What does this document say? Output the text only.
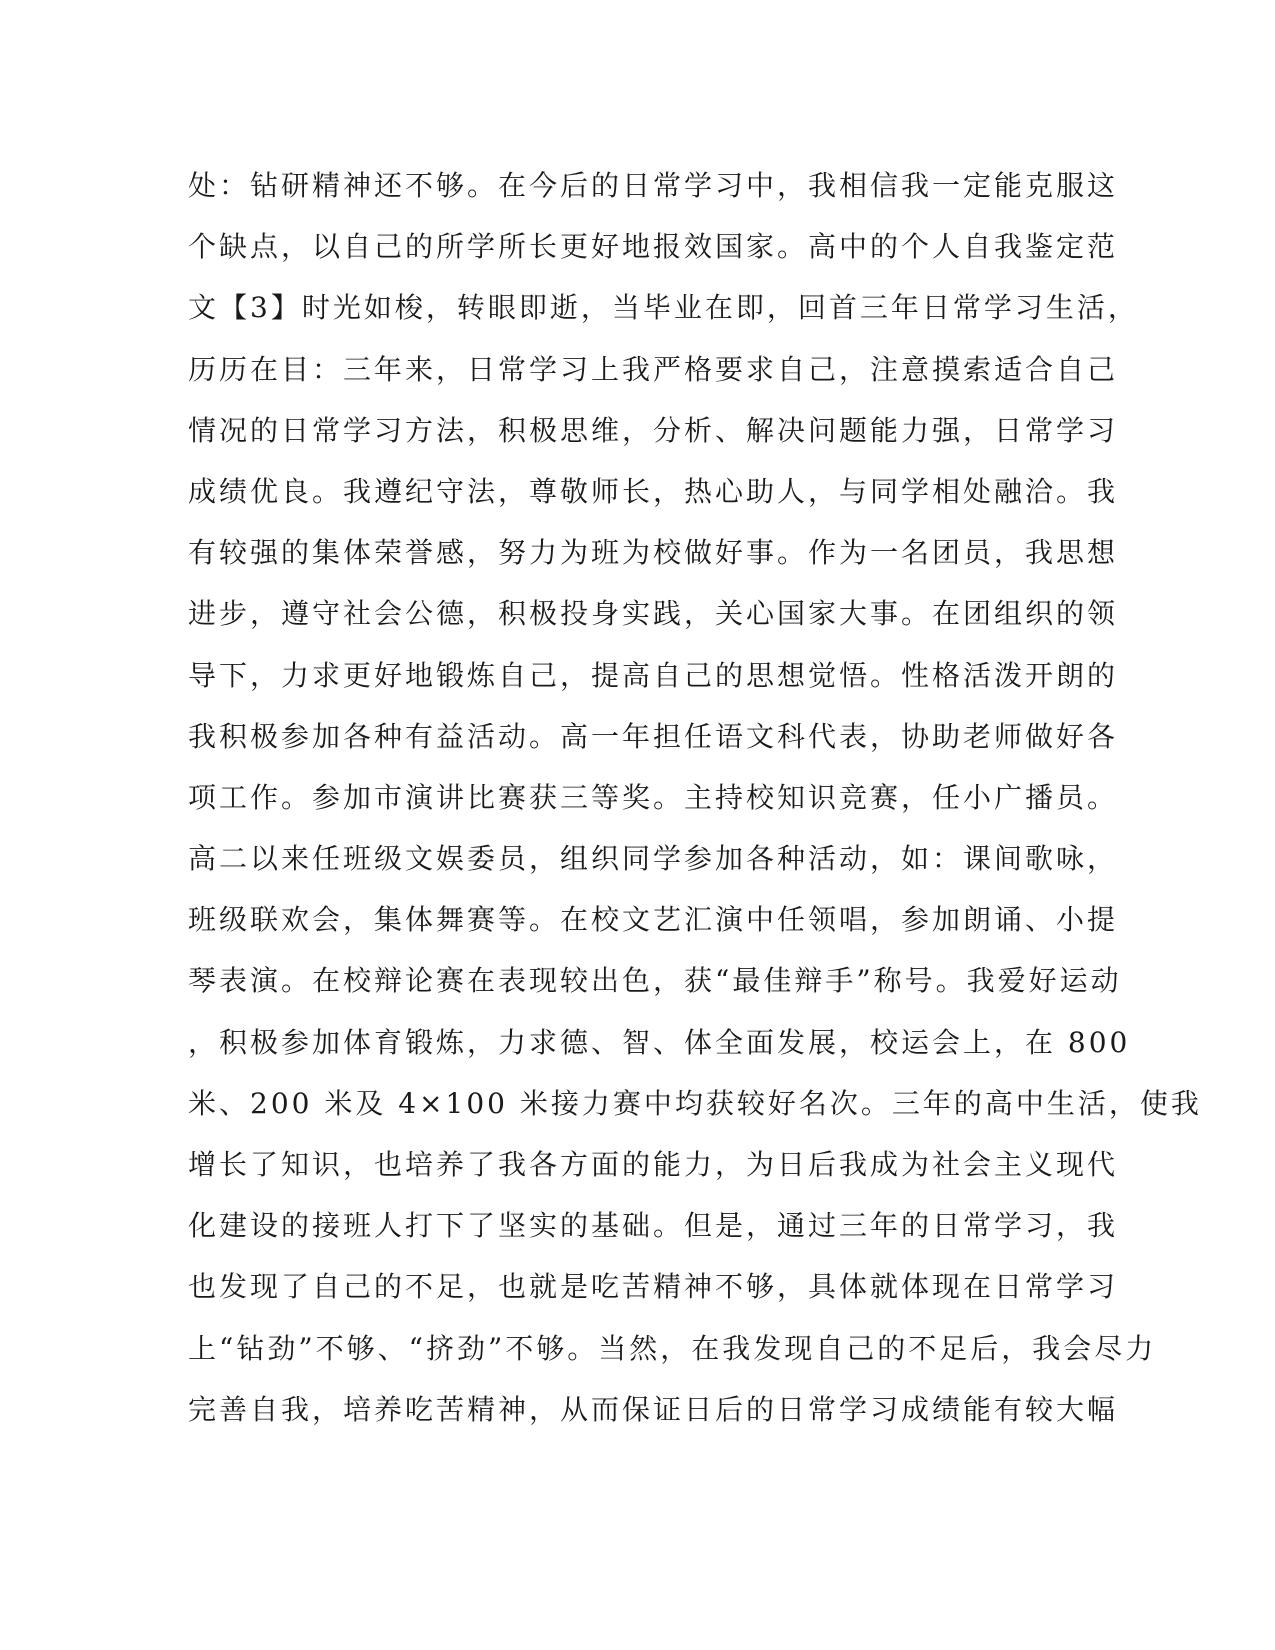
处：钻研精神还不够。在今后的日常学习中，我相信我一定能克服这
个缺点，以自己的所学所长更好地报效国家。高中的个人自我鉴定范
文【3】时光如梭，转眼即逝，当毕业在即，回首三年日常学习生活，
历历在目：三年来，日常学习上我严格要求自己，注意摸索适合自己
情况的日常学习方法，积极思维，分析、解决问题能力强，日常学习
成绩优良。我遵纪守法，尊敬师长，热心助人，与同学相处融洽。我
有较强的集体荣誉感，努力为班为校做好事。作为一名团员，我思想
进步，遵守社会公德，积极投身实践，关心国家大事。在团组织的领
导下，力求更好地锻炼自己，提高自己的思想觉悟。性格活泼开朗的
我积极参加各种有益活动。高一年担任语文科代表，协助老师做好各
项工作。参加市演讲比赛获三等奖。主持校知识竞赛，任小广播员。
高二以来任班级文娱委员，组织同学参加各种活动，如：课间歌咏，
班级联欢会，集体舞赛等。在校文艺汇演中任领唱，参加朗诵、小提
琴表演。在校辩论赛在表现较出色，获“最佳辩手”称号。我爱好运动
，积极参加体育锻炼，力求德、智、体全面发展，校运会上，在 800
米、200 米及 4×100 米接力赛中均获较好名次。三年的高中生活，使我
增长了知识，也培养了我各方面的能力，为日后我成为社会主义现代
化建设的接班人打下了坚实的基础。但是，通过三年的日常学习，我
也发现了自己的不足，也就是吃苦精神不够，具体就体现在日常学习
上“钻劲”不够、“挤劲”不够。当然，在我发现自己的不足后，我会尽力
完善自我，培养吃苦精神，从而保证日后的日常学习成绩能有较大幅
